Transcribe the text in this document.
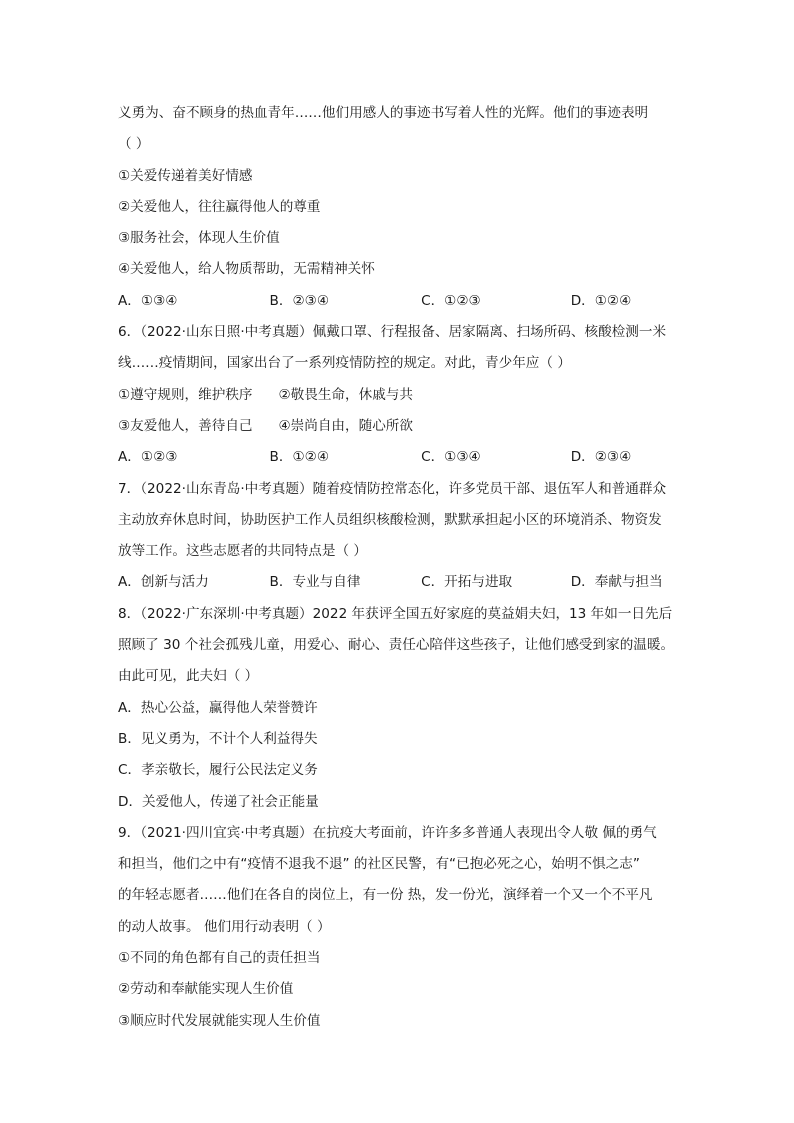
义勇为、奋不顾身的热血青年……他们用感人的事迹书写着人性的光辉。他们的事迹表明
（ ）
①关爱传递着美好情感
②关爱他人，往往赢得他人的尊重
③服务社会，体现人生价值
④关爱他人，给人物质帮助，无需精神关怀
A．①③④	B．②③④	C．①②③	D．①②④
6．（2022·山东日照·中考真题）佩戴口罩、行程报备、居家隔离、扫场所码、核酸检测一米
线……疫情期间，国家出台了一系列疫情防控的规定。对此，青少年应（ ）
①遵守规则，维护秩序      ②敬畏生命，休戚与共
③友爱他人，善待自己      ④崇尚自由，随心所欲
A．①②③	B．①②④	C．①③④	D．②③④
7．（2022·山东青岛·中考真题）随着疫情防控常态化，许多党员干部、退伍军人和普通群众
主动放弃休息时间，协助医护工作人员组织核酸检测，默默承担起小区的环境消杀、物资发
放等工作。这些志愿者的共同特点是（ ）
A．创新与活力	B．专业与自律	C．开拓与进取	D．奉献与担当
8．（2022·广东深圳·中考真题）2022 年获评全国五好家庭的莫益娟夫妇，13 年如一日先后
照顾了 30 个社会孤残儿童，用爱心、耐心、责任心陪伴这些孩子，让他们感受到家的温暖。
由此可见，此夫妇（ ）
A．热心公益，赢得他人荣誉赞许
B．见义勇为，不计个人利益得失
C．孝亲敬长，履行公民法定义务
D．关爱他人，传递了社会正能量
9．（2021·四川宜宾·中考真题）在抗疫大考面前，许许多多普通人表现出令人敬 佩的勇气
和担当，他们之中有“疫情不退我不退” 的社区民警，有“已抱必死之心，始明不惧之志”
的年轻志愿者……他们在各自的岗位上，有一份 热，发一份光，演绎着一个又一个不平凡
的动人故事。 他们用行动表明（ ）
①不同的角色都有自己的责任担当
②劳动和奉献能实现人生价值
③顺应时代发展就能实现人生价值
